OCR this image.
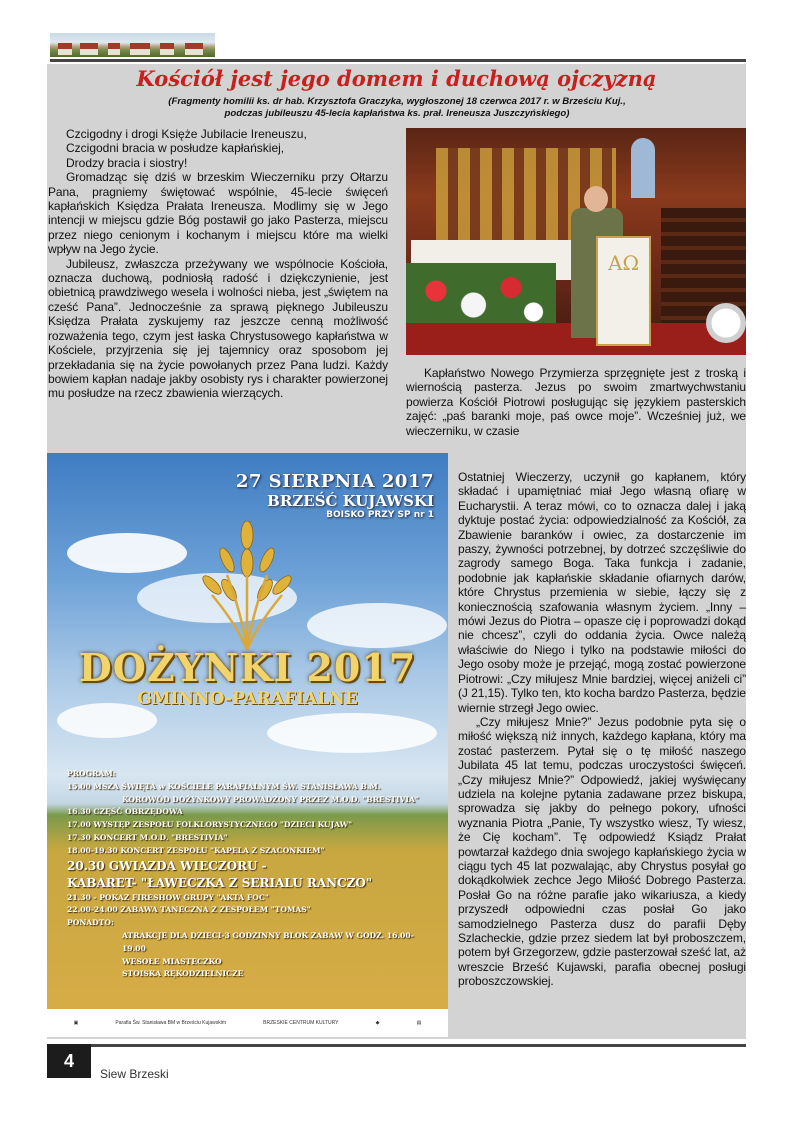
Kościół jest jego domem i duchową ojczyzną
(Fragmenty homilii ks. dr hab. Krzysztofa Graczyka, wygłoszonej 18 czerwca 2017 r. w Brześciu Kuj.,
podczas jubileuszu 45-lecia kapłaństwa ks. prał. Ireneusza Juszczyńskiego)
Czcigodny i drogi Księże Jubilacie Ireneuszu,
Czcigodni bracia w posłudze kapłańskiej,
Drodzy bracia i siostry!

Gromadząc się dziś w brzeskim Wieczerniku przy Ołtarzu Pana, pragniemy świętować wspólnie, 45-lecie święceń kapłańskich Księdza Prałata Ireneusza. Modlimy się w Jego intencji w miejscu gdzie Bóg postawił go jako Pasterza, miejscu przez niego cenionym i kochanym i miejscu które ma wielki wpływ na Jego życie.

Jubileusz, zwłaszcza przeżywany we wspólnocie Kościoła, oznacza duchową, podniosłą radość i dziękczynienie, jest obietnicą prawdziwego wesela i wolności nieba, jest „świętem na cześć Pana”. Jednocześnie za sprawą pięknego Jubileuszu Księdza Prałata zyskujemy raz jeszcze cenną możliwość rozważenia tego, czym jest łaska Chrystusowego kapłaństwa w Kościele, przyjrzenia się jej tajemnicy oraz sposobom jej przekładania się na życie powołanych przez Pana ludzi. Każdy bowiem kapłan nadaje jakby osobisty rys i charakter powierzonej mu posłudze na rzecz zbawienia wierzących.

AΩ

Kapłaństwo Nowego Przymierza sprzęgnięte jest z troską i wiernością pasterza. Jezus po swoim zmartwychwstaniu powierza Kościół Piotrowi posługując się językiem pasterskich zajęć: „paś baranki moje, paś owce moje”. Wcześniej już, we wieczerniku, w czasie

Ostatniej Wieczerzy, uczynił go kapłanem, który składać i upamiętniać miał Jego własną ofiarę w Eucharystii. A teraz mówi, co to oznacza dalej i jaką dyktuje postać życia: odpowiedzialność za Kościół, za Zbawienie baranków i owiec, za dostarczenie im paszy, żywności potrzebnej, by dotrzeć szczęśliwie do zagrody samego Boga. Taka funkcja i zadanie, podobnie jak kapłańskie składanie ofiarnych darów, które Chrystus przemienia w siebie, łączy się z koniecznością szafowania własnym życiem. „Inny – mówi Jezus do Piotra – opasze cię i poprowadzi dokąd nie chcesz”, czyli do oddania życia. Owce należą właściwie do Niego i tylko na podstawie miłości do Jego osoby może je przejąć, mogą zostać powierzone Piotrowi: „Czy miłujesz Mnie bardziej, więcej aniżeli ci” (J 21,15). Tylko ten, kto kocha bardzo Pasterza, będzie wiernie strzegł Jego owiec.

„Czy miłujesz Mnie?” Jezus podobnie pyta się o miłość większą niż innych, każdego kapłana, który ma zostać pasterzem. Pytał się o tę miłość naszego Jubilata 45 lat temu, podczas uroczystości święceń. „Czy miłujesz Mnie?” Odpowiedź, jakiej wyświęcany udziela na kolejne pytania zadawane przez biskupa, sprowadza się jakby do pełnego pokory, ufności wyznania Piotra „Panie, Ty wszystko wiesz, Ty wiesz, że Cię kocham”. Tę odpowiedź Ksiądz Prałat powtarzał każdego dnia swojego kapłańskiego życia w ciągu tych 45 lat pozwalając, aby Chrystus posyłał go dokądkolwiek zechce Jego Miłość Dobrego Pasterza. Posłał Go na różne parafie jako wikariusza, a kiedy przyszedł odpowiedni czas posłał Go jako samodzielnego Pasterza dusz do parafii Dęby Szlacheckie, gdzie przez siedem lat był proboszczem, potem był Grzegorzew, gdzie pasterzował sześć lat, aż wreszcie Brześć Kujawski, parafia obecnej posługi proboszczowskiej.

27 SIERPNIA 2017
BRZEŚĆ KUJAWSKI
BOISKO PRZY SP nr 1
DOŻYNKI 2017
GMINNO-PARAFIALNE
PROGRAM:
15.00 MSZA ŚWIĘTA w KOŚCIELE PARAFIALNYM ŚW. STANISŁAWA B.M.
KOROWÓD DOŻYNKOWY PROWADZONY PRZEZ M.O.D. "BRESTIVIA"
16.30 CZĘŚĆ OBRZĘDOWA
17.00 WYSTĘP ZESPOŁU FOLKLORYSTYCZNEGO "DZIECI KUJAW"
17.30 KONCERT M.O.D. "BRESTIVIA"
18.00-19.30 KONCERT ZESPOŁU "KAPELA Z SZACONKIEM"
20.30 GWIAZDA WIECZORU -
KABARET- "ŁAWECZKA Z SERIALU RANCZO"
21.30 - POKAZ FIRESHOW GRUPY "AKTA FOC"
22.00-24.00 ZABAWA TANECZNA Z ZESPOŁEM "TOMAS"
PONADTO:
ATRAKCJE DLA DZIECI-3 GODZINNY BLOK ZABAW W GODZ. 16.00-19.00
WESOŁE MIASTECZKO
STOISKA RĘKODZIELNICZE
▣	Parafia Św. Stanisława BM w Brześciu Kujawskim	BRZESKIE CENTRUM KULTURY	◆	▤
4
Siew Brzeski
